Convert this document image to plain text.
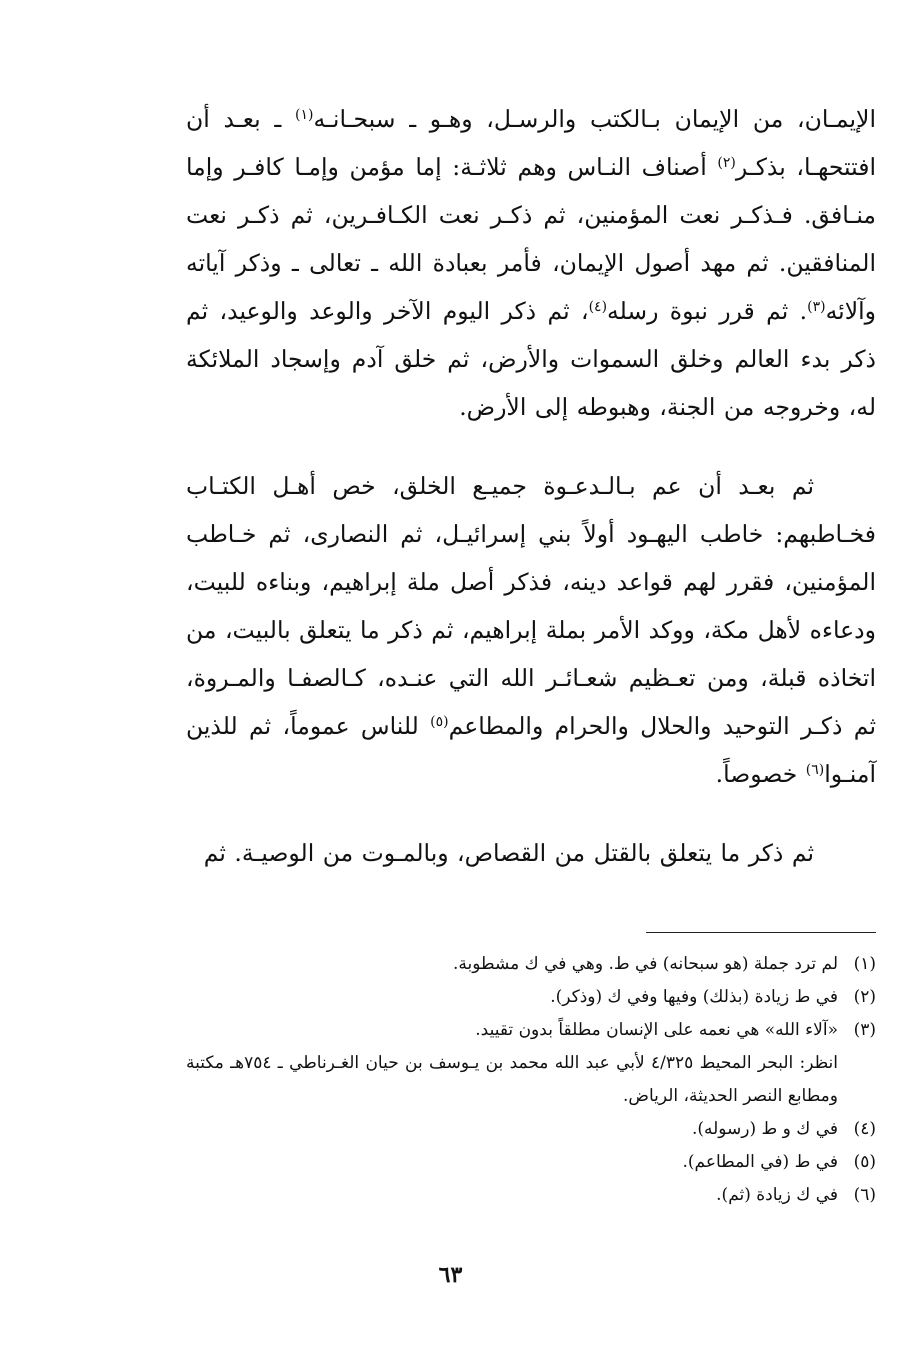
الإيمـان، من الإيمان بـالكتب والرسـل، وهـو ـ سبحـانـه$^{(١)}$ ـ بعـد أن افتتحهـا، بذكـر$^{(٢)}$ أصناف النـاس وهم ثلاثـة: إما مؤمن وإمـا كافـر وإما منـافق. فـذكـر نعت المؤمنين، ثم ذكـر نعت الكـافـرين، ثم ذكـر نعت المنافقين. ثم مهد أصول الإيمان، فأمر بعبادة الله ـ تعالى ـ وذكر آياته وآلائه$^{(٣)}$. ثم قرر نبوة رسله$^{(٤)}$، ثم ذكر اليوم الآخر والوعد والوعيد، ثم ذكر بدء العالم وخلق السموات والأرض، ثم خلق آدم وإسجاد الملائكة له، وخروجه من الجنة، وهبوطه إلى الأرض.

ثم بعـد أن عم بـالـدعـوة جميـع الخلق، خص أهـل الكتـاب فخـاطبهم: خاطب اليهـود أولاً بني إسرائيـل، ثم النصارى، ثم خـاطب المؤمنين، فقرر لهم قواعد دينه، فذكر أصل ملة إبراهيم، وبناءه للبيت، ودعاءه لأهل مكة، ووكد الأمر بملة إبراهيم، ثم ذكر ما يتعلق بالبيت، من اتخاذه قبلة، ومن تعـظيم شعـائـر الله التي عنـده، كـالصفـا والمـروة، ثم ذكـر التوحيد والحلال والحرام والمطاعم$^{(٥)}$ للناس عموماً، ثم للذين آمنـوا$^{(٦)}$ خصوصاً.

ثم ذكر ما يتعلق بالقتل من القصاص، وبالمـوت من الوصيـة. ثم

(١)
لم ترد جملة (هو سبحانه) في ط. وهي في ك مشطوبة.
(٢)
في ط زيادة (بذلك) وفيها وفي ك (وذكر).
(٣)
«آلاء الله» هي نعمه على الإنسان مطلقاً بدون تقييد.
انظر: البحر المحيط ٤/٣٢٥ لأبي عبد الله محمد بن يـوسف بن حيان الغـرناطي ـ ٧٥٤هـ مكتبة ومطابع النصر الحديثة، الرياض.
(٤)
في ك و ط (رسوله).
(٥)
في ط (في المطاعم).
(٦)
في ك زيادة (ثم).
٦٣
